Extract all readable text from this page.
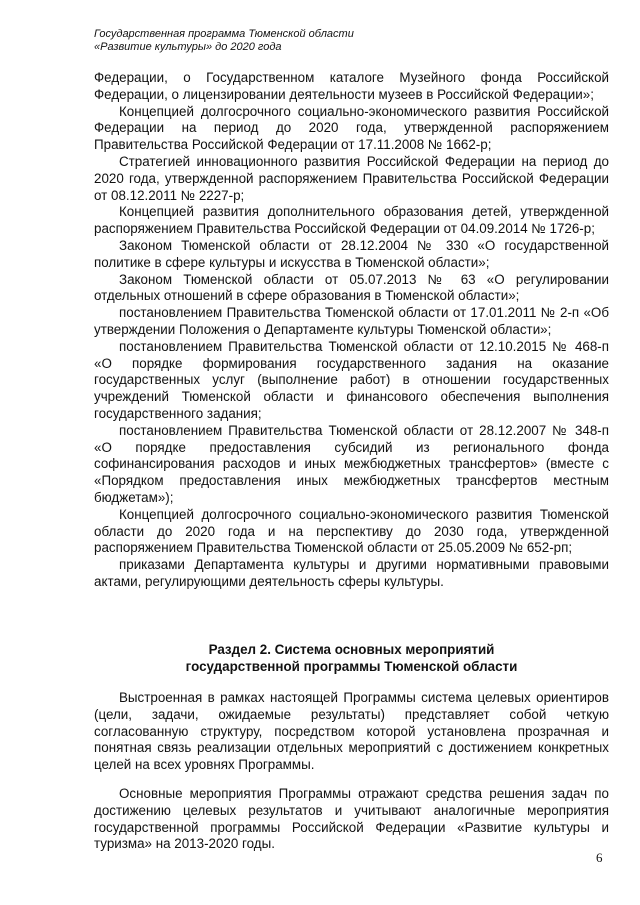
Государственная программа Тюменской области
«Развитие культуры» до 2020 года

Федерации, о Государственном каталоге Музейного фонда Российской Федерации, о лицензировании деятельности музеев в Российской Федерации»;

Концепцией долгосрочного социально-экономического развития Российской Федерации на период до 2020 года, утвержденной распоряжением Правительства Российской Федерации от 17.11.2008 № 1662-р;

Стратегией инновационного развития Российской Федерации на период до 2020 года, утвержденной распоряжением Правительства Российской Федерации от 08.12.2011 № 2227-р;

Концепцией развития дополнительного образования детей, утвержденной распоряжением Правительства Российской Федерации от 04.09.2014 № 1726-р;

Законом Тюменской области от 28.12.2004 № 330 «О государственной политике в сфере культуры и искусства в Тюменской области»;

Законом Тюменской области от 05.07.2013 № 63 «О регулировании отдельных отношений в сфере образования в Тюменской области»;

постановлением Правительства Тюменской области от 17.01.2011 № 2-п «Об утверждении Положения о Департаменте культуры Тюменской области»;

постановлением Правительства Тюменской области от 12.10.2015 № 468-п «О порядке формирования государственного задания на оказание государственных услуг (выполнение работ) в отношении государственных учреждений Тюменской области и финансового обеспечения выполнения государственного задания;

постановлением Правительства Тюменской области от 28.12.2007 № 348-п «О порядке предоставления субсидий из регионального фонда софинансирования расходов и иных межбюджетных трансфертов» (вместе с «Порядком предоставления иных межбюджетных трансфертов местным бюджетам»);

Концепцией долгосрочного социально-экономического развития Тюменской области до 2020 года и на перспективу до 2030 года, утвержденной распоряжением Правительства Тюменской области от 25.05.2009 № 652-рп;

приказами Департамента культуры и другими нормативными правовыми актами, регулирующими деятельность сферы культуры.

Раздел 2. Система основных мероприятий
государственной программы Тюменской области

Выстроенная в рамках настоящей Программы система целевых ориентиров (цели, задачи, ожидаемые результаты) представляет собой четкую согласованную структуру, посредством которой установлена прозрачная и понятная связь реализации отдельных мероприятий с достижением конкретных целей на всех уровнях Программы.

Основные мероприятия Программы отражают средства решения задач по достижению целевых результатов и учитывают аналогичные мероприятия государственной программы Российской Федерации «Развитие культуры и туризма» на 2013-2020 годы.

6
